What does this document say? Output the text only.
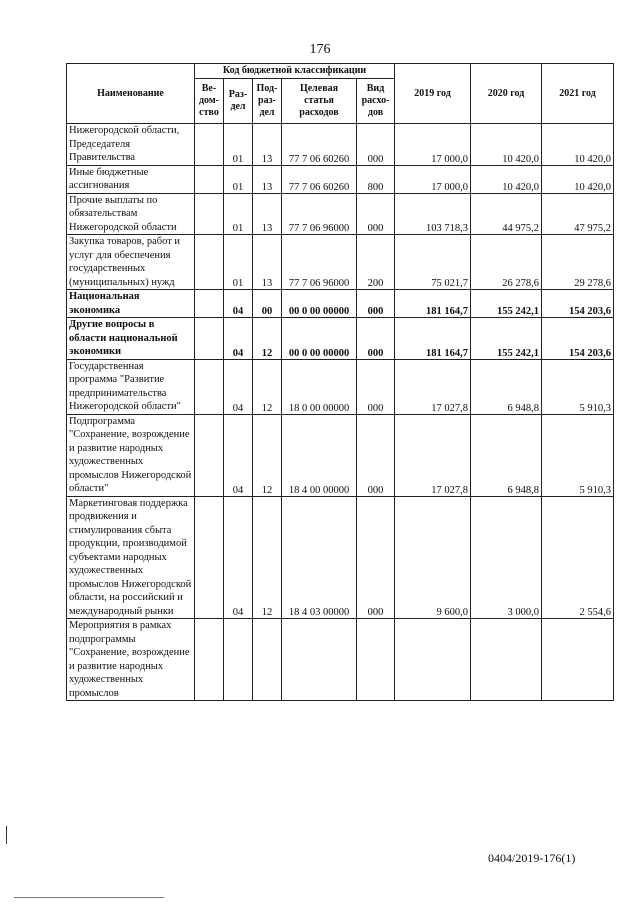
176
Наименование	Код бюджетной классификации					2019 год	2020 год	2021 год
	Ве-дом-ство	Раз-дел	Под-раз-дел	Целевая статья расходов	Вид расхо-дов			
Нижегородской области, Председателя Правительства		01	13	77 7 06 60260	000	17 000,0	10 420,0	10 420,0
Иные бюджетные ассигнования		01	13	77 7 06 60260	800	17 000,0	10 420,0	10 420,0
Прочие выплаты по обязательствам Нижегородской области		01	13	77 7 06 96000	000	103 718,3	44 975,2	47 975,2
Закупка товаров, работ и услуг для обеспечения государственных (муниципальных) нужд		01	13	77 7 06 96000	200	75 021,7	26 278,6	29 278,6
Национальная экономика		04	00	00 0 00 00000	000	181 164,7	155 242,1	154 203,6
Другие вопросы в области национальной экономики		04	12	00 0 00 00000	000	181 164,7	155 242,1	154 203,6
Государственная программа "Развитие предпринимательства Нижегородской области"		04	12	18 0 00 00000	000	17 027,8	6 948,8	5 910,3
Подпрограмма "Сохранение, возрождение и развитие народных художественных промыслов Нижегородской области"		04	12	18 4 00 00000	000	17 027,8	6 948,8	5 910,3
Маркетинговая поддержка продвижения и стимулирования сбыта продукции, производимой субъектами народных художественных промыслов Нижегородской области, на российский и международный рынки		04	12	18 4 03 00000	000	9 600,0	3 000,0	2 554,6
Мероприятия в рамках подпрограммы "Сохранение, возрождение и развитие народных художественных промыслов								
0404/2019-176(1)
